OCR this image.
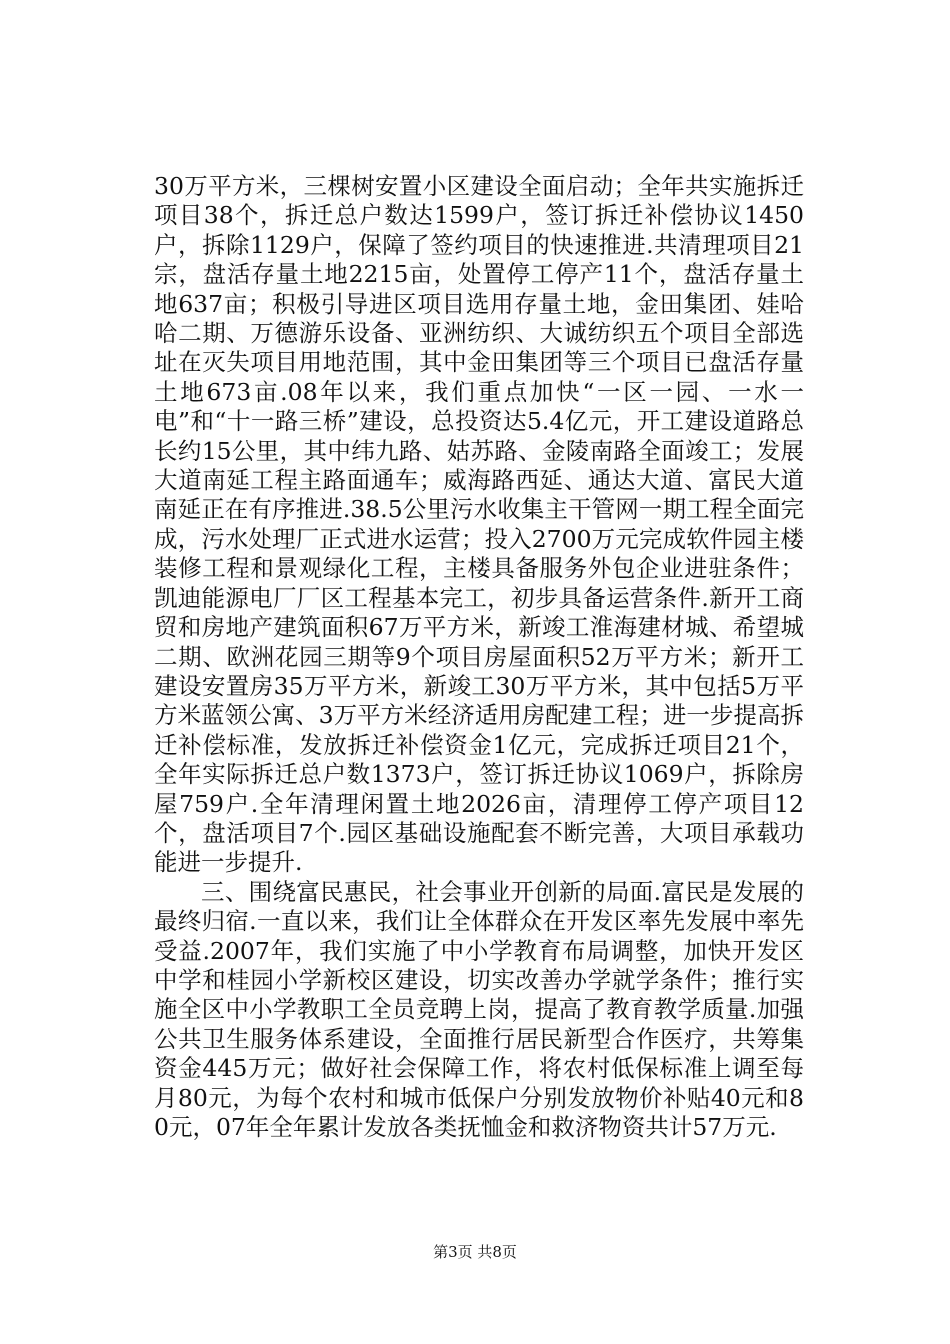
30万平方米，三棵树安置小区建设全面启动；全年共实施拆迁项目38个，拆迁总户数达1599户，签订拆迁补偿协议1450户，拆除1129户，保障了签约项目的快速推进.共清理项目21宗，盘活存量土地2215亩，处置停工停产11个，盘活存量土地637亩；积极引导进区项目选用存量土地，金田集团、娃哈哈二期、万德游乐设备、亚洲纺织、大诚纺织五个项目全部选址在灭失项目用地范围，其中金田集团等三个项目已盘活存量土地673亩.08年以来，我们重点加快“一区一园、一水一电”和“十一路三桥”建设，总投资达5.4亿元，开工建设道路总长约15公里，其中纬九路、姑苏路、金陵南路全面竣工；发展大道南延工程主路面通车；威海路西延、通达大道、富民大道南延正在有序推进.38.5公里污水收集主干管网一期工程全面完成，污水处理厂正式进水运营；投入2700万元完成软件园主楼装修工程和景观绿化工程，主楼具备服务外包企业进驻条件；凯迪能源电厂厂区工程基本完工，初步具备运营条件.新开工商贸和房地产建筑面积67万平方米，新竣工淮海建材城、希望城二期、欧洲花园三期等9个项目房屋面积52万平方米；新开工建设安置房35万平方米，新竣工30万平方米，其中包括5万平方米蓝领公寓、3万平方米经济适用房配建工程；进一步提高拆迁补偿标准，发放拆迁补偿资金1亿元，完成拆迁项目21个，全年实际拆迁总户数1373户，签订拆迁协议1069户，拆除房屋759户.全年清理闲置土地2026亩，清理停工停产项目12个，盘活项目7个.园区基础设施配套不断完善，大项目承载功能进一步提升.

三、围绕富民惠民，社会事业开创新的局面.富民是发展的最终归宿.一直以来，我们让全体群众在开发区率先发展中率先受益.2007年，我们实施了中小学教育布局调整，加快开发区中学和桂园小学新校区建设，切实改善办学就学条件；推行实施全区中小学教职工全员竞聘上岗，提高了教育教学质量.加强公共卫生服务体系建设，全面推行居民新型合作医疗，共筹集资金445万元；做好社会保障工作，将农村低保标准上调至每月80元，为每个农村和城市低保户分别发放物价补贴40元和80元，07年全年累计发放各类抚恤金和救济物资共计57万元.

第3页 共8页
